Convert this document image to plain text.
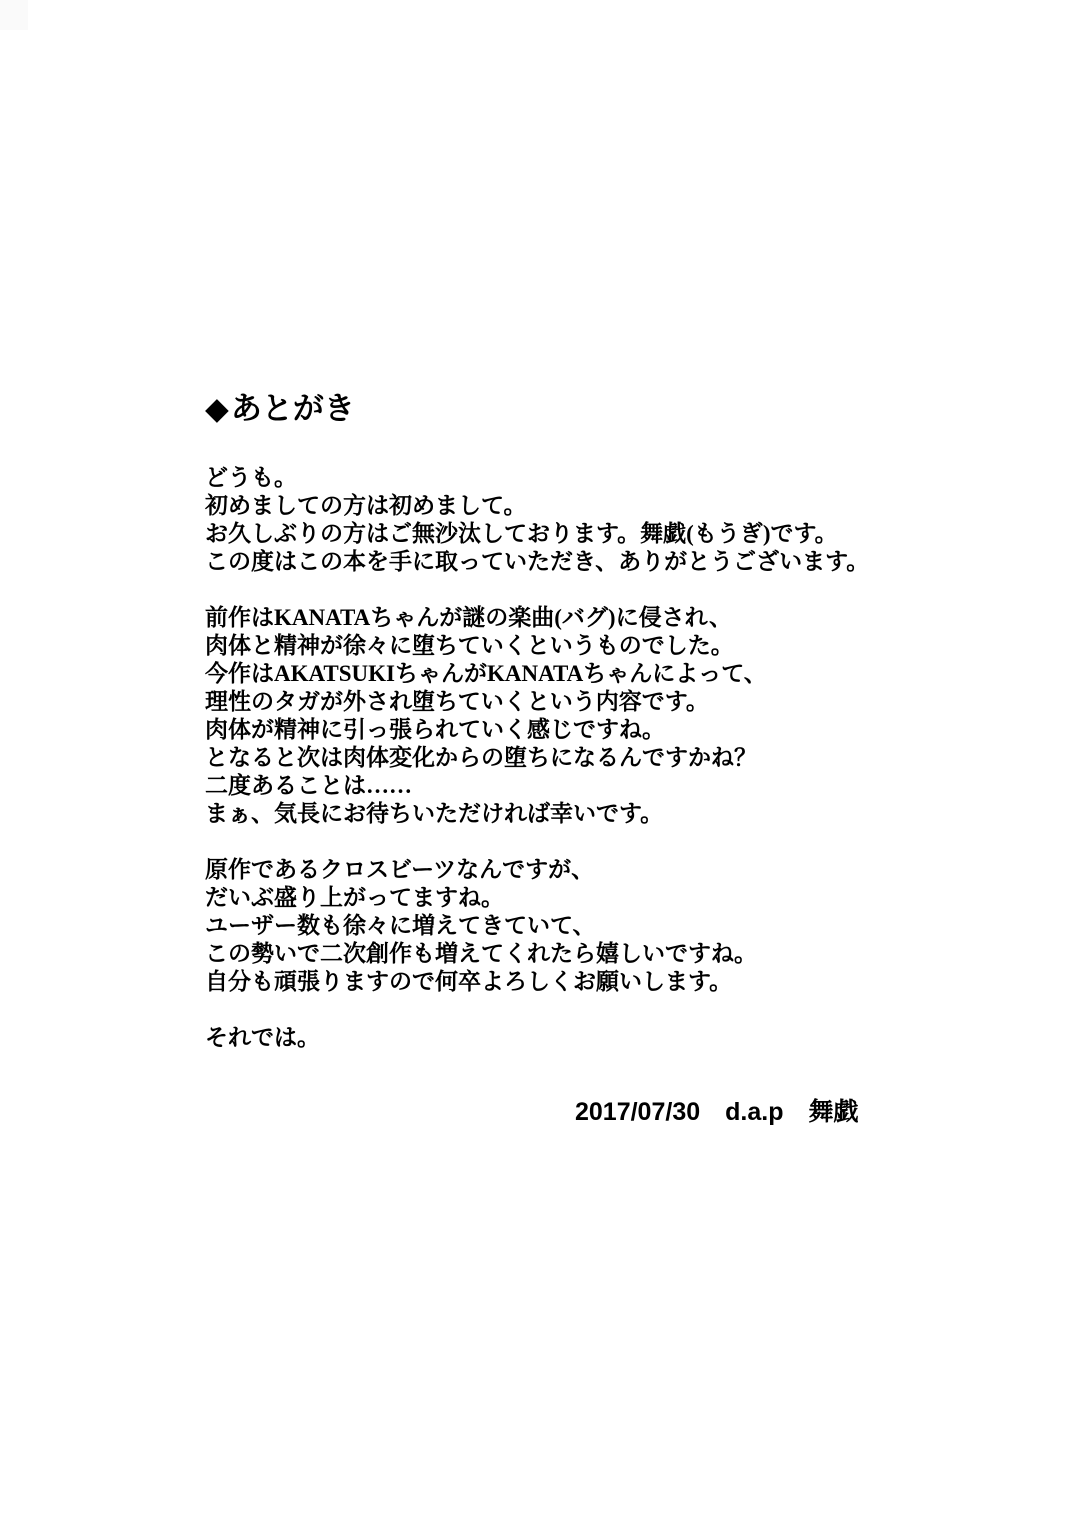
◆あとがき
どうも。
初めましての方は初めまして。
お久しぶりの方はご無沙汰しております。舞戯(もうぎ)です。
この度はこの本を手に取っていただき、ありがとうございます。
前作はKANATAちゃんが謎の楽曲(バグ)に侵され、
肉体と精神が徐々に堕ちていくというものでした。
今作はAKATSUKIちゃんがKANATAちゃんによって、
理性のタガが外され堕ちていくという内容です。
肉体が精神に引っ張られていく感じですね。
となると次は肉体変化からの堕ちになるんですかね？
二度あることは……
まぁ、気長にお待ちいただければ幸いです。
原作であるクロスビーツなんですが、
だいぶ盛り上がってますね。
ユーザー数も徐々に増えてきていて、
この勢いで二次創作も増えてくれたら嬉しいですね。
自分も頑張りますので何卒よろしくお願いします。
それでは。
2017/07/30　d.a.p　舞戯
